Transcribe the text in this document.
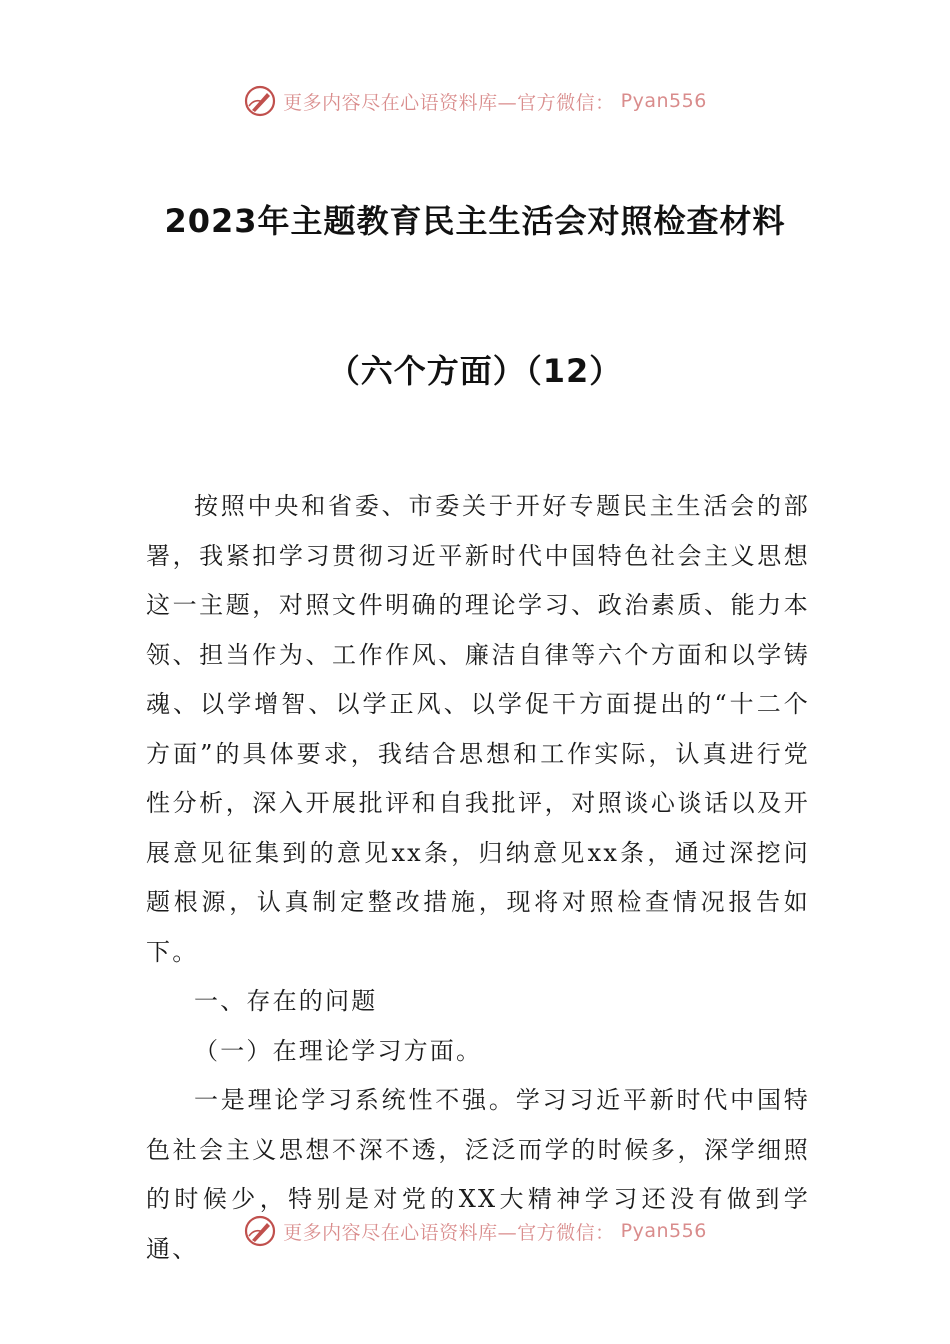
更多内容尽在心语资料库—官方微信： Pyan556
2023年主题教育民主生活会对照检查材料
（六个方面）（12）

按照中央和省委、市委关于开好专题民主生活会的部署，我紧扣学习贯彻习近平新时代中国特色社会主义思想这一主题，对照文件明确的理论学习、政治素质、能力本领、担当作为、工作作风、廉洁自律等六个方面和以学铸魂、以学增智、以学正风、以学促干方面提出的“十二个方面”的具体要求，我结合思想和工作实际，认真进行党性分析，深入开展批评和自我批评，对照谈心谈话以及开展意见征集到的意见xx条，归纳意见xx条，通过深挖问题根源，认真制定整改措施，现将对照检查情况报告如下。

一、存在的问题

（一）在理论学习方面。

一是理论学习系统性不强。学习习近平新时代中国特色社会主义思想不深不透，泛泛而学的时候多，深学细照的时候少，特别是对党的XX大精神学习还没有做到学通、

更多内容尽在心语资料库—官方微信： Pyan556
